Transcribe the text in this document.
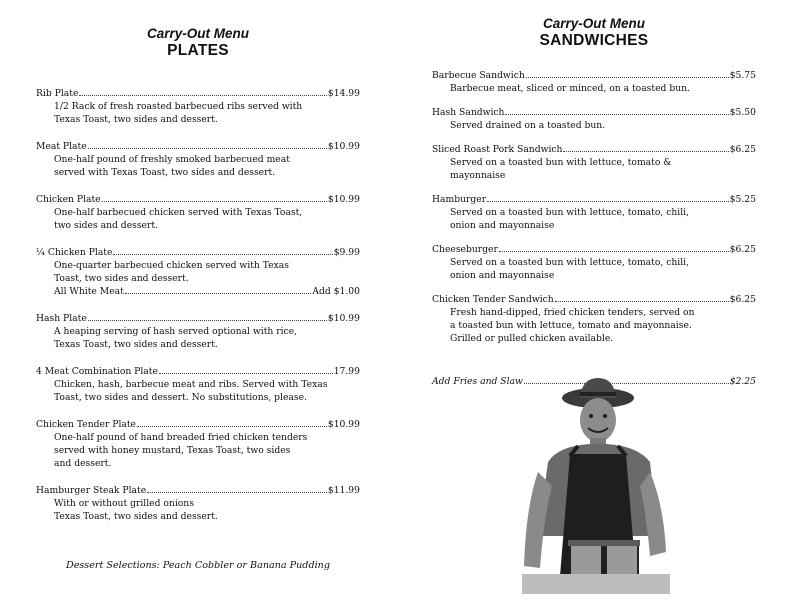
Carry-Out Menu
PLATES
Rib Plate	$14.99
1/2 Rack of fresh roasted barbecued ribs served with
Texas Toast, two sides and dessert.
Meat Plate	$10.99
One-half pound of freshly smoked barbecued meat
served with Texas Toast, two sides and dessert.
Chicken Plate	$10.99
One-half barbecued chicken served with Texas Toast,
two sides and dessert.
¼ Chicken Plate	$9.99
One-quarter barbecued chicken served with Texas
Toast, two sides and dessert.
All White Meat	Add $1.00
Hash Plate	$10.99
A heaping serving of hash served optional with rice,
Texas Toast, two sides and dessert.
4 Meat Combination Plate	17.99
Chicken, hash, barbecue meat and ribs. Served with Texas
Toast, two sides and dessert. No substitutions, please.
Chicken Tender Plate	$10.99
One-half pound of hand breaded fried chicken tenders
served with honey mustard, Texas Toast, two sides
and dessert.
Hamburger Steak Plate	$11.99
With or without grilled onions
Texas Toast, two sides and dessert.
Dessert Selections: Peach Cobbler or Banana Pudding
Carry-Out Menu
SANDWICHES
Barbecue Sandwich	$5.75
Barbecue meat, sliced or minced, on a toasted bun.
Hash Sandwich	$5.50
Served drained on a toasted bun.
Sliced Roast Pork Sandwich	$6.25
Served on a toasted bun with lettuce, tomato &
mayonnaise
Hamburger	$5.25
Served on a toasted bun with lettuce, tomato, chili,
onion and mayonnaise
Cheeseburger	$6.25
Served on a toasted bun with lettuce, tomato, chili,
onion and mayonnaise
Chicken Tender Sandwich	$6.25
Fresh hand-dipped, fried chicken tenders, served on
a toasted bun with lettuce, tomato and mayonnaise.
Grilled or pulled chicken available.
Add Fries and Slaw	$2.25
